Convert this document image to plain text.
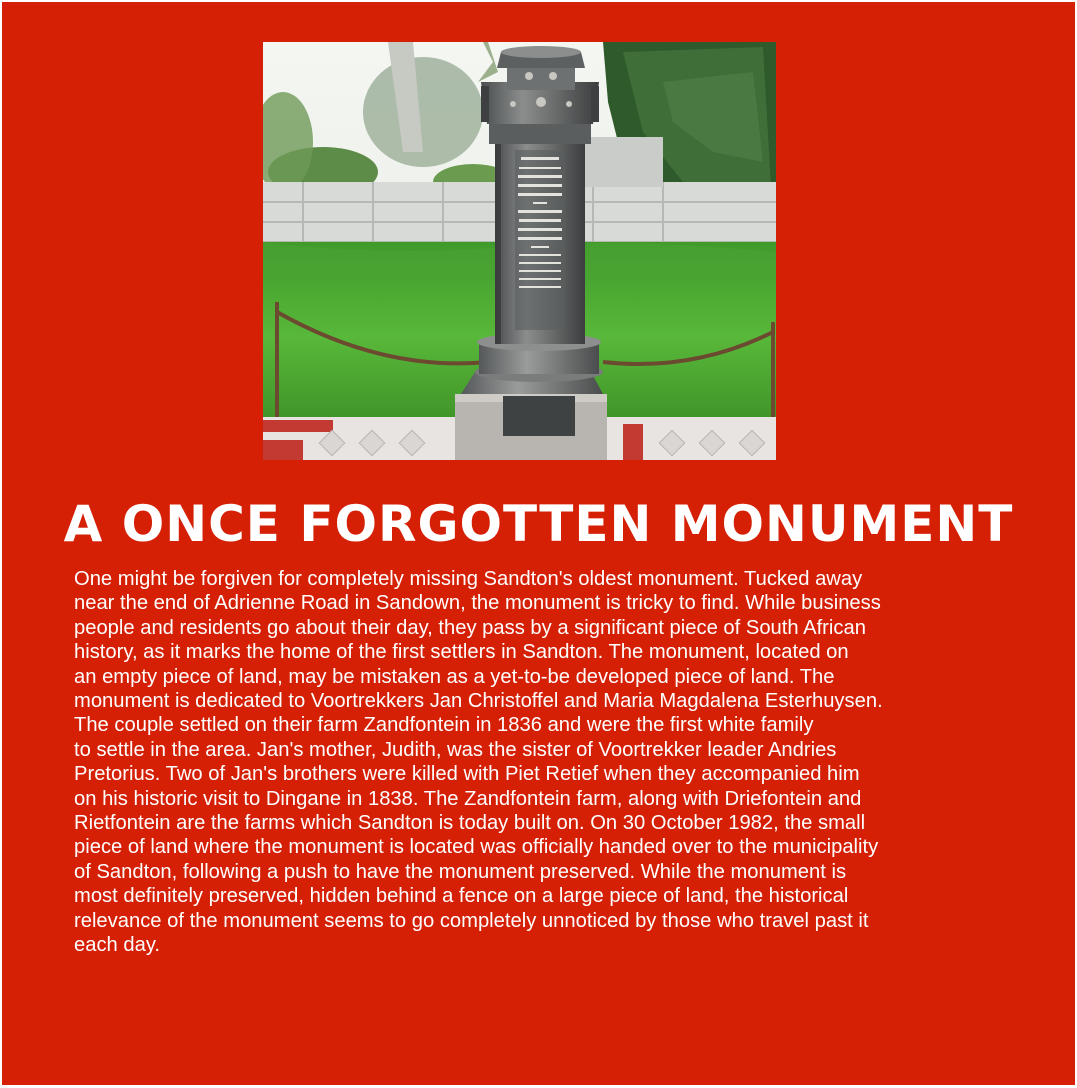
A ONCE FORGOTTEN MONUMENT

One might be forgiven for completely missing Sandton's oldest monument. Tucked away
near the end of Adrienne Road in Sandown, the monument is tricky to find. While business
people and residents go about their day, they pass by a significant piece of South African
history, as it marks the home of the first settlers in Sandton. The monument, located on
an empty piece of land, may be mistaken as a yet-to-be developed piece of land. The
monument is dedicated to Voortrekkers Jan Christoffel and Maria Magdalena Esterhuysen.
The couple settled on their farm Zandfontein in 1836 and were the first white family
to settle in the area. Jan's mother, Judith, was the sister of Voortrekker leader Andries
Pretorius. Two of Jan's brothers were killed with Piet Retief when they accompanied him
on his historic visit to Dingane in 1838. The Zandfontein farm, along with Driefontein and
Rietfontein are the farms which Sandton is today built on. On 30 October 1982, the small
piece of land where the monument is located was officially handed over to the municipality
of Sandton, following a push to have the monument preserved. While the monument is
most definitely preserved, hidden behind a fence on a large piece of land, the historical
relevance of the monument seems to go completely unnoticed by those who travel past it
each day.
